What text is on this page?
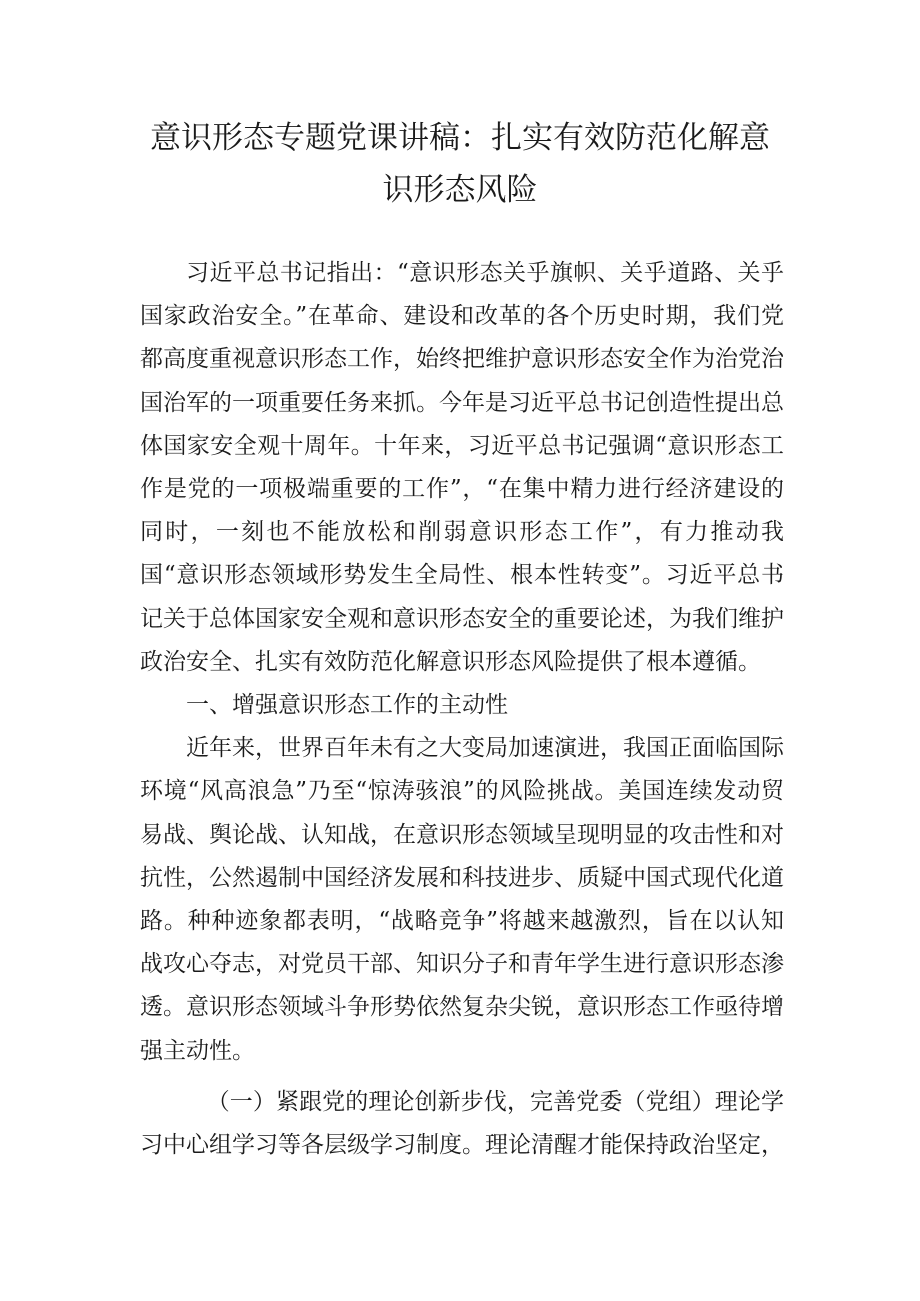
意识形态专题党课讲稿：扎实有效防范化解意识形态风险

习近平总书记指出：“意识形态关乎旗帜、关乎道路、关乎国家政治安全。”在革命、建设和改革的各个历史时期，我们党都高度重视意识形态工作，始终把维护意识形态安全作为治党治国治军的一项重要任务来抓。今年是习近平总书记创造性提出总体国家安全观十周年。十年来，习近平总书记强调“意识形态工作是党的一项极端重要的工作”，“在集中精力进行经济建设的同时，一刻也不能放松和削弱意识形态工作”，有力推动我国“意识形态领域形势发生全局性、根本性转变”。习近平总书记关于总体国家安全观和意识形态安全的重要论述，为我们维护政治安全、扎实有效防范化解意识形态风险提供了根本遵循。

一、增强意识形态工作的主动性

近年来，世界百年未有之大变局加速演进，我国正面临国际环境“风高浪急”乃至“惊涛骇浪”的风险挑战。美国连续发动贸易战、舆论战、认知战，在意识形态领域呈现明显的攻击性和对抗性，公然遏制中国经济发展和科技进步、质疑中国式现代化道路。种种迹象都表明，“战略竞争”将越来越激烈，旨在以认知战攻心夺志，对党员干部、知识分子和青年学生进行意识形态渗透。意识形态领域斗争形势依然复杂尖锐，意识形态工作亟待增强主动性。

（一）紧跟党的理论创新步伐，完善党委（党组）理论学习中心组学习等各层级学习制度。理论清醒才能保持政治坚定，
